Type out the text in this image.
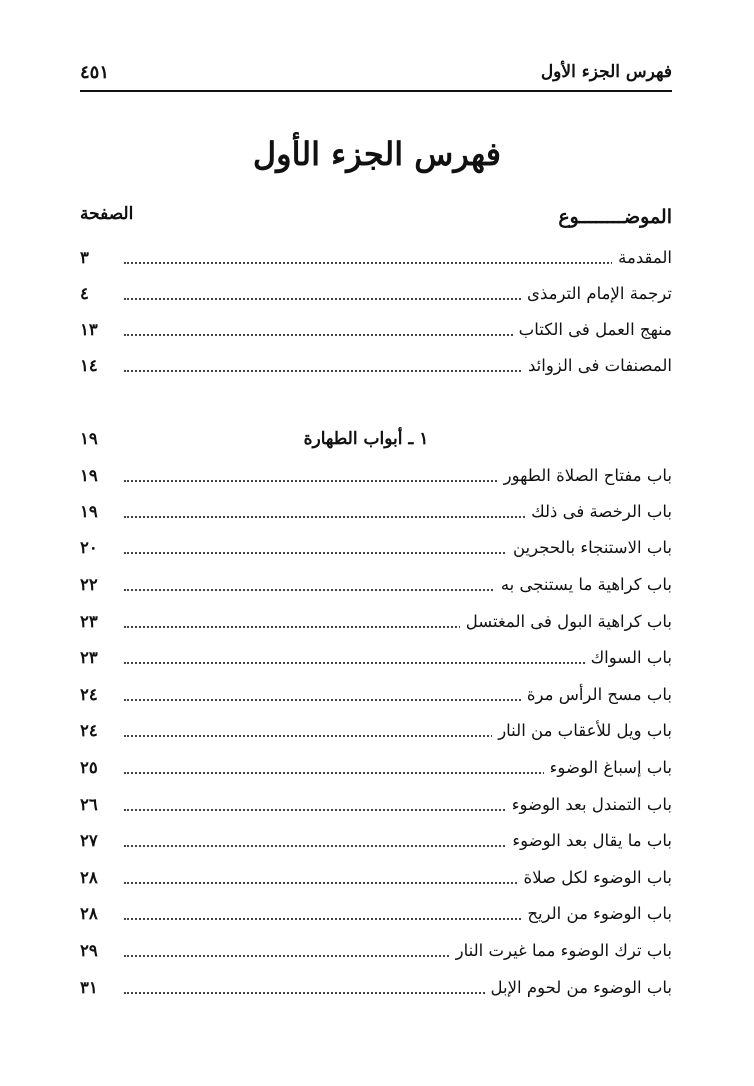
فهرس الجزء الأول
٤٥١
فهرس الجزء الأول
الموضــــــــوع
الصفحة
المقدمة
٣
ترجمة الإمام الترمذى
٤
منهج العمل فى الكتاب
١٣
المصنفات فى الزوائد
١٤
١ ـ أبواب الطهارة
١٩
باب مفتاح الصلاة الطهور
١٩
باب الرخصة فى ذلك
١٩
باب الاستنجاء بالحجرين
٢٠
باب كراهية ما يستنجى به
٢٢
باب كراهية البول فى المغتسل
٢٣
باب السواك
٢٣
باب مسح الرأس مرة
٢٤
باب ويل للأعقاب من النار
٢٤
باب إسباغ الوضوء
٢٥
باب التمندل بعد الوضوء
٢٦
باب ما يقال بعد الوضوء
٢٧
باب الوضوء لكل صلاة
٢٨
باب الوضوء من الريح
٢٨
باب ترك الوضوء مما غيرت النار
٢٩
باب الوضوء من لحوم الإبل
٣١
